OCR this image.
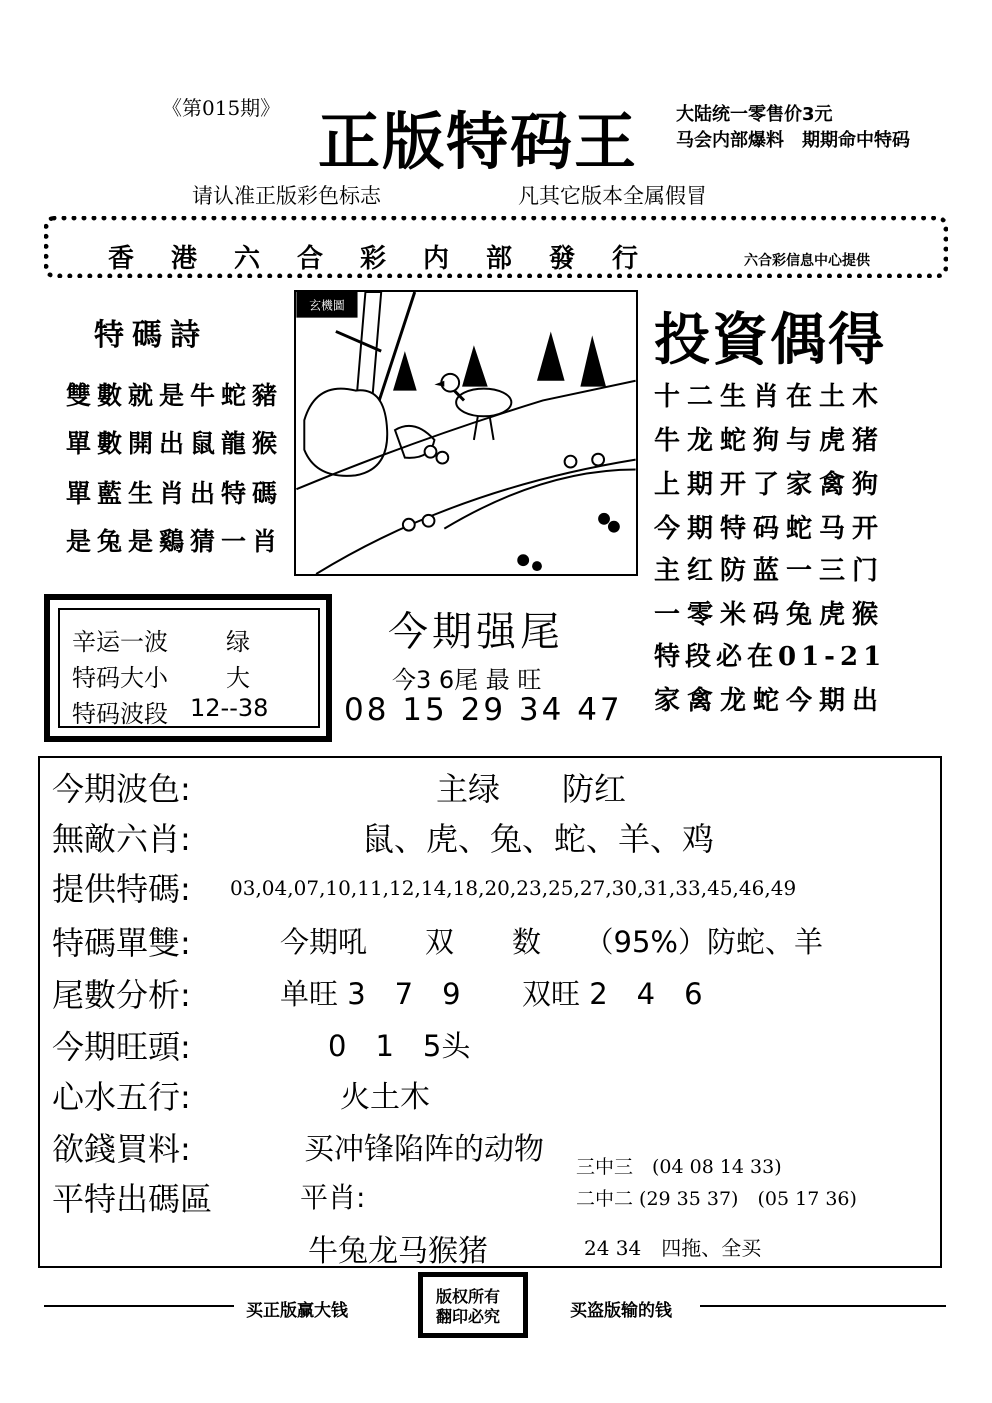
《第015期》 正版特码王 大陆统一零售价3元
马会内部爆料　期期命中特码
请认准正版彩色标志	凡其它版本全属假冒
香港六合彩内部發行	六合彩信息中心提供
特碼詩
雙數就是牛蛇豬
單數開出鼠龍猴
單藍生肖出特碼
是兔是鷄猜一肖
玄機圖
投資偶得
十二生肖在土木
牛龙蛇狗与虎猪
上期开了家禽狗
今期特码蛇马开
主红防蓝一三门
一零米码兔虎猴
特段必在01-21
家禽龙蛇今期出
辛运一波 绿
特码大小 大
特码波段 12--38
今期强尾
今3 6尾 最 旺
08 15 29 34 47
今期波色:	主绿 防红
無敵六肖:	鼠、虎、兔、蛇、羊、鸡
提供特碼: 03,04,07,10,11,12,14,18,20,23,25,27,30,31,33,45,46,49
特碼單雙:	今期吼　　双　　数　　（95%）防蛇、羊
尾數分析:	单旺 3　7　9 双旺 2　4　6
今期旺頭:	0　1　5头
心水五行:	火土木
欲錢買料:	买冲锋陷阵的动物
平特出碼區	平肖:
三中三　(04 08 14 33)
二中二 (29 35 37)　(05 17 36)
牛兔龙马猴猪	24 34　四拖、全买
买正版赢大钱
版权所有
翻印必究	买盗版输的钱
